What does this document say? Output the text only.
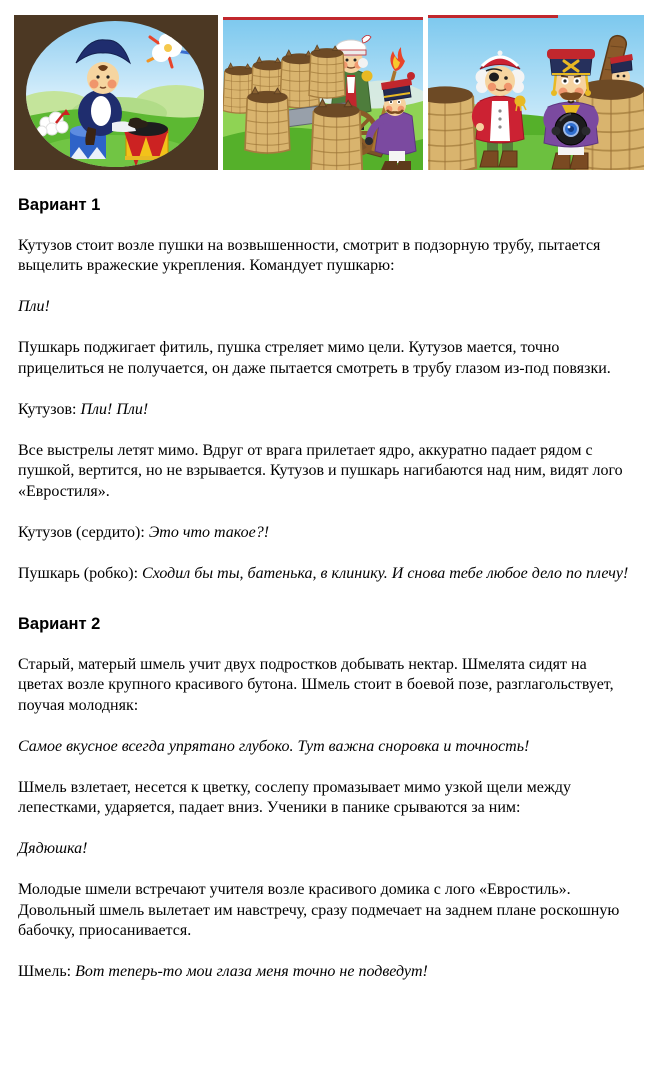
Вариант 1

Кутузов стоит возле пушки на возвышенности, смотрит в подзорную трубу, пытается выцелить вражеские укрепления. Командует пушкарю:

Пли!

Пушкарь поджигает фитиль, пушка стреляет мимо цели. Кутузов мается, точно прицелиться не получается, он даже пытается смотреть в трубу глазом из-под повязки.

Кутузов: Пли! Пли!

Все выстрелы летят мимо. Вдруг от врага прилетает ядро, аккуратно падает рядом с пушкой, вертится, но не взрывается. Кутузов и пушкарь нагибаются над ним, видят лого «Евростиля».

Кутузов (сердито): Это что такое?!

Пушкарь (робко): Сходил бы ты, батенька, в клинику. И снова тебе любое дело по плечу!

Вариант 2

Старый, матерый шмель учит двух подростков добывать нектар. Шмелята сидят на цветах возле крупного красивого бутона. Шмель стоит в боевой позе, разглагольствует, поучая молодняк:

Самое вкусное всегда упрятано глубоко. Тут важна сноровка и точность!

Шмель взлетает, несется к цветку, сослепу промазывает мимо узкой щели между лепестками, ударяется, падает вниз. Ученики в панике срываются за ним:

Дядюшка!

Молодые шмели встречают учителя возле красивого домика с лого «Евростиль». Довольный шмель вылетает им навстречу, сразу подмечает на заднем плане роскошную бабочку, приосанивается.

Шмель: Вот теперь-то мои глаза меня точно не подведут!
